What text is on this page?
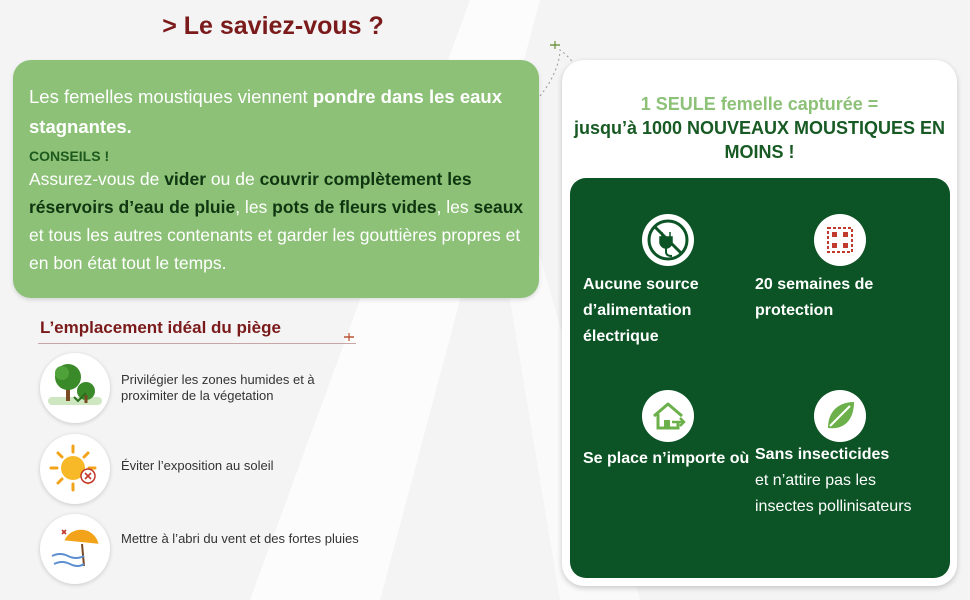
> Le saviez-vous ?

Les femelles moustiques viennent pondre dans les eaux stagnantes.

CONSEILS !

Assurez-vous de vider ou de couvrir complètement les réservoirs d’eau de pluie, les pots de fleurs vides, les seaux et tous les autres contenants et garder les gouttières propres et en bon état tout le temps.

L’emplacement idéal du piège

Privilégier les zones humides et à proximiter de la végetation

Éviter l’exposition au soleil

Mettre à l’abri du vent et des fortes pluies

1 SEULE femelle capturée =
jusqu’à 1000 NOUVEAUX MOUSTIQUES EN MOINS !

Aucune source d’alimentation électrique

20 semaines de protection

Se place n’importe où Sans insecticides
et n’attire pas les insectes pollinisateurs
